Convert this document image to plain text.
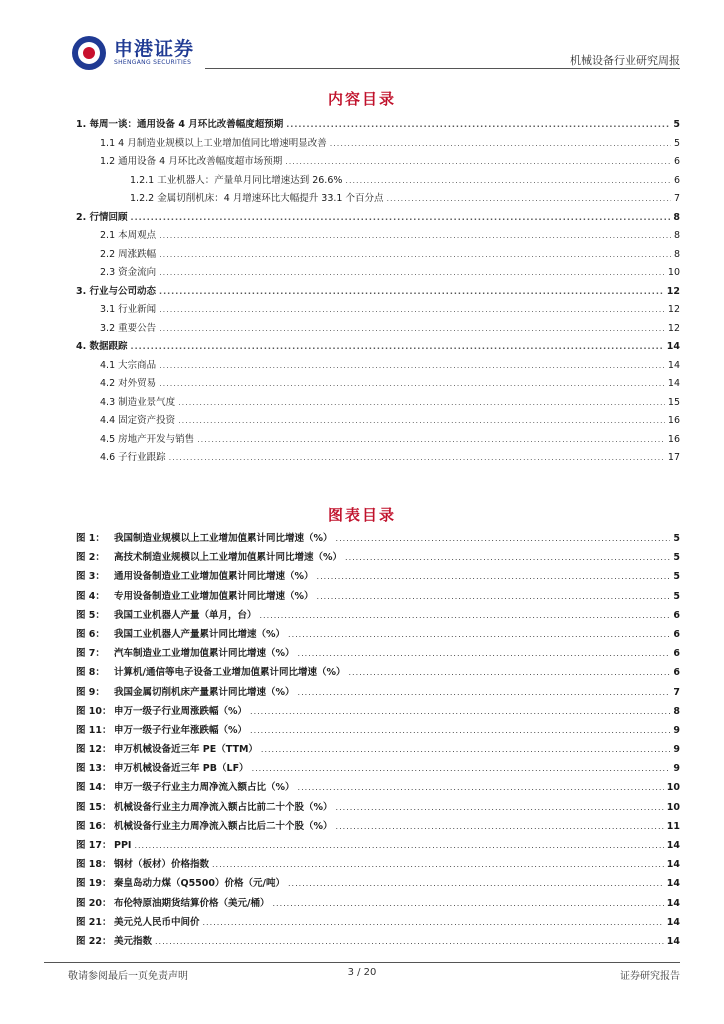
申港证券
SHENGANG SECURITIES	机械设备行业研究周报
内容目录
1. 每周一谈：通用设备 4 月环比改善幅度超预期 .....	5
1.1 4 月制造业规模以上工业增加值同比增速明显改善 .....	5
1.2 通用设备 4 月环比改善幅度超市场预期 .....	6
1.2.1 工业机器人：产量单月同比增速达到 26.6% .....	6
1.2.2 金属切削机床：4 月增速环比大幅提升 33.1 个百分点 .....	7
2. 行情回顾 .....	8
2.1 本周观点 .....	8
2.2 周涨跌幅 .....	8
2.3 资金流向 .....	10
3. 行业与公司动态 .....	12
3.1 行业新闻 .....	12
3.2 重要公告 .....	12
4. 数据跟踪 .....	14
4.1 大宗商品 .....	14
4.2 对外贸易 .....	14
4.3 制造业景气度 .....	15
4.4 固定资产投资 .....	16
4.5 房地产开发与销售 .....	16
4.6 子行业跟踪 .....	17
图表目录
图 1： 我国制造业规模以上工业增加值累计同比增速（%） .....	5
图 2： 高技术制造业规模以上工业增加值累计同比增速（%） .....	5
图 3： 通用设备制造业工业增加值累计同比增速（%） .....	5
图 4： 专用设备制造业工业增加值累计同比增速（%） .....	5
图 5： 我国工业机器人产量（单月，台） .....	6
图 6： 我国工业机器人产量累计同比增速（%） .....	6
图 7： 汽车制造业工业增加值累计同比增速（%） .....	6
图 8： 计算机/通信等电子设备工业增加值累计同比增速（%） .....	6
图 9： 我国金属切削机床产量累计同比增速（%） .....	7
图 10： 申万一级子行业周涨跌幅（%） .....	8
图 11： 申万一级子行业年涨跌幅（%） .....	9
图 12： 申万机械设备近三年 PE（TTM） .....	9
图 13： 申万机械设备近三年 PB（LF） .....	9
图 14： 申万一级子行业主力周净流入额占比（%） .....	10
图 15： 机械设备行业主力周净流入额占比前二十个股（%） .....	10
图 16： 机械设备行业主力周净流入额占比后二十个股（%） .....	11
图 17： PPI .....	14
图 18： 钢材（板材）价格指数 .....	14
图 19： 秦皇岛动力煤（Q5500）价格（元/吨） .....	14
图 20： 布伦特原油期货结算价格（美元/桶） .....	14
图 21： 美元兑人民币中间价 .....	14
图 22： 美元指数 .....	14
敬请参阅最后一页免责声明	3 / 20	证券研究报告
